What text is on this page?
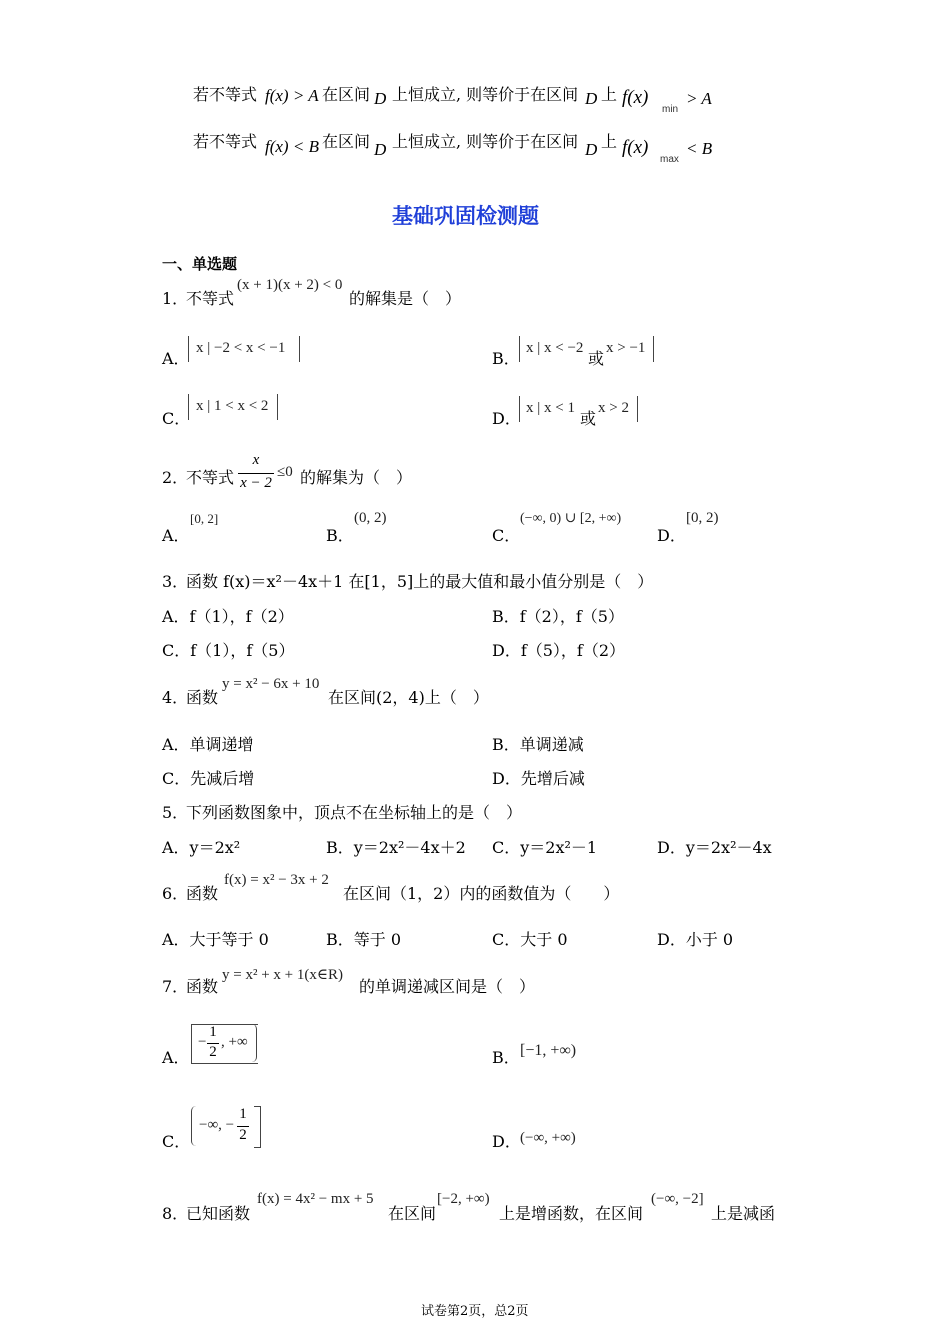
若不等式 f(x) > A 在区间 D 上恒成立, 则等价于在区间 D 上 f(x)
min
> A
若不等式 f(x) < B 在区间 D 上恒成立, 则等价于在区间 D 上 f(x)
max
< B
基础巩固检测题
一、单选题
1．
不等式
(x + 1)(x + 2) < 0
的解集是（　）
A．
x | −2 < x < −1
B．
x | x < −2
或
x > −1
C．
x | 1 < x < 2
D．
x | x < 1
或
x > 2
2．
不等式
x
x − 2
≤0 的解集为（　）
A．
[0, 2]
B．
(0, 2)
C．
(−∞, 0) ∪ [2, +∞)
D．
[0, 2)
3．
函数 f(x)＝x²－4x＋1 在[1，5]上的最大值和最小值分别是（　）
A．f（1），f（2）	B．f（2），f（5）
C．f（1），f（5）	D．f（5），f（2）
4．
函数
y = x² − 6x + 10
在区间(2，4)上（　）
A．单调递增	B．单调递减
C．先减后增	D．先增后减
5．
下列函数图象中，顶点不在坐标轴上的是（　）
A．y＝2x²	B．y＝2x²－4x＋2 C．y＝2x²－1	D．y＝2x²－4x
6．
函数
f(x) = x² − 3x + 2
在区间（1，2）内的函数值为（　　）
A．大于等于 0	B．等于 0	C．大于 0	D．小于 0
7．
函数
y = x² + x + 1(x∈R)
的单调递减区间是（　）
A．
−
1
2
, +∞
B． [−1, +∞)
C．
−∞, −
1
2	D． (−∞, +∞)
8．
已知函数
f(x) = 4x² − mx + 5
在区间
[−2, +∞)
上是增函数，在区间
(−∞, −2]
上是减函
试卷第2页，总2页
